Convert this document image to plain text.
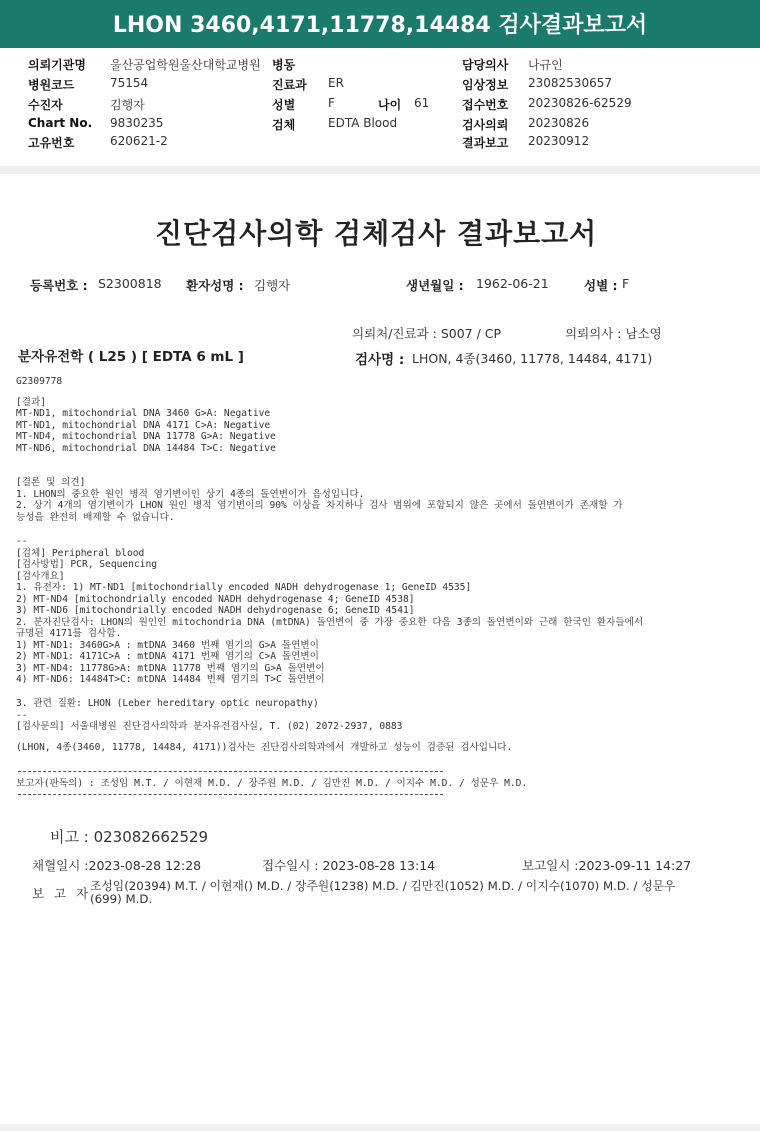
LHON 3460,4171,11778,14484 검사결과보고서
의뢰기관명 울산공업학원울산대학교병원 병동	담당의사 나규인
병원코드	75154	진료과 ER	임상정보 23082530657
수진자	김행자	성별	F	나이 61	접수번호 20230826-62529
Chart No. 9830235	검체	EDTA Blood	검사의뢰 20230826
고유번호	620621-2	결과보고 20230912
진단검사의학 검체검사 결과보고서
등록번호 : S2300818 환자성명 : 김행자	생년월일 : 1962-06-21	성별 : F
의뢰처/진료과 : S007 / CP	의뢰의사 : 남소영
분자유전학 ( L25 ) [ EDTA 6 mL ]	검사명 : LHON, 4종(3460, 11778, 14484, 4171)
G2309778
[결과]
MT-ND1, mitochondrial DNA 3460 G>A: Negative
MT-ND1, mitochondrial DNA 4171 C>A: Negative
MT-ND4, mitochondrial DNA 11778 G>A: Negative
MT-ND6, mitochondrial DNA 14484 T>C: Negative
[결론 및 의견]
1. LHON의 중요한 원인 병적 염기변이인 상기 4종의 돌연변이가 음성입니다.
2. 상기 4개의 염기변이가 LHON 원인 병적 염기변이의 90% 이상을 차지하나 검사 범위에 포함되지 않은 곳에서 돌연변이가 존재할 가
능성을 완전히 배제할 수 없습니다.
--
[검체] Peripheral blood
[검사방법] PCR, Sequencing
[검사개요]
1. 유전자: 1) MT-ND1 [mitochondrially encoded NADH dehydrogenase 1; GeneID 4535]
2) MT-ND4 [mitochondrially encoded NADH dehydrogenase 4; GeneID 4538]
3) MT-ND6 [mitochondrially encoded NADH dehydrogenase 6; GeneID 4541]
2. 분자진단검사: LHON의 원인인 mitochondria DNA (mtDNA) 돌연변이 중 가장 중요한 다음 3종의 돌연변이와 근래 한국인 환자들에서
규명된 4171를 검사함.
1) MT-ND1: 3460G>A : mtDNA 3460 번째 염기의 G>A 돌연변이
2) MT-ND1: 4171C>A : mtDNA 4171 번째 염기의 C>A 돌연변이
3) MT-ND4: 11778G>A: mtDNA 11778 번째 염기의 G>A 돌연변이
4) MT-ND6: 14484T>C: mtDNA 14484 번째 염기의 T>C 돌연변이
3. 관련 질환: LHON (Leber hereditary optic neuropathy)
--
[검사문의] 서울대병원 진단검사의학과 분자유전검사실, T. (02) 2072-2937, 0883
(LHON, 4종(3460, 11778, 14484, 4171))검사는 진단검사의학과에서 개발하고 성능이 검증된 검사입니다.
보고자(판독의) : 조성임 M.T. / 이현재 M.D. / 장주원 M.D. / 김만진 M.D. / 이지수 M.D. / 성문우 M.D.
비고 : 023082662529
채혈일시 :2023-08-28 12:28	접수일시 : 2023-08-28 13:14	보고일시 :2023-09-11 14:27
보 고 자
조성임(20394) M.T. / 이현재() M.D. / 장주원(1238) M.D. / 김만진(1052) M.D. / 이지수(1070) M.D. / 성문우
(699) M.D.
